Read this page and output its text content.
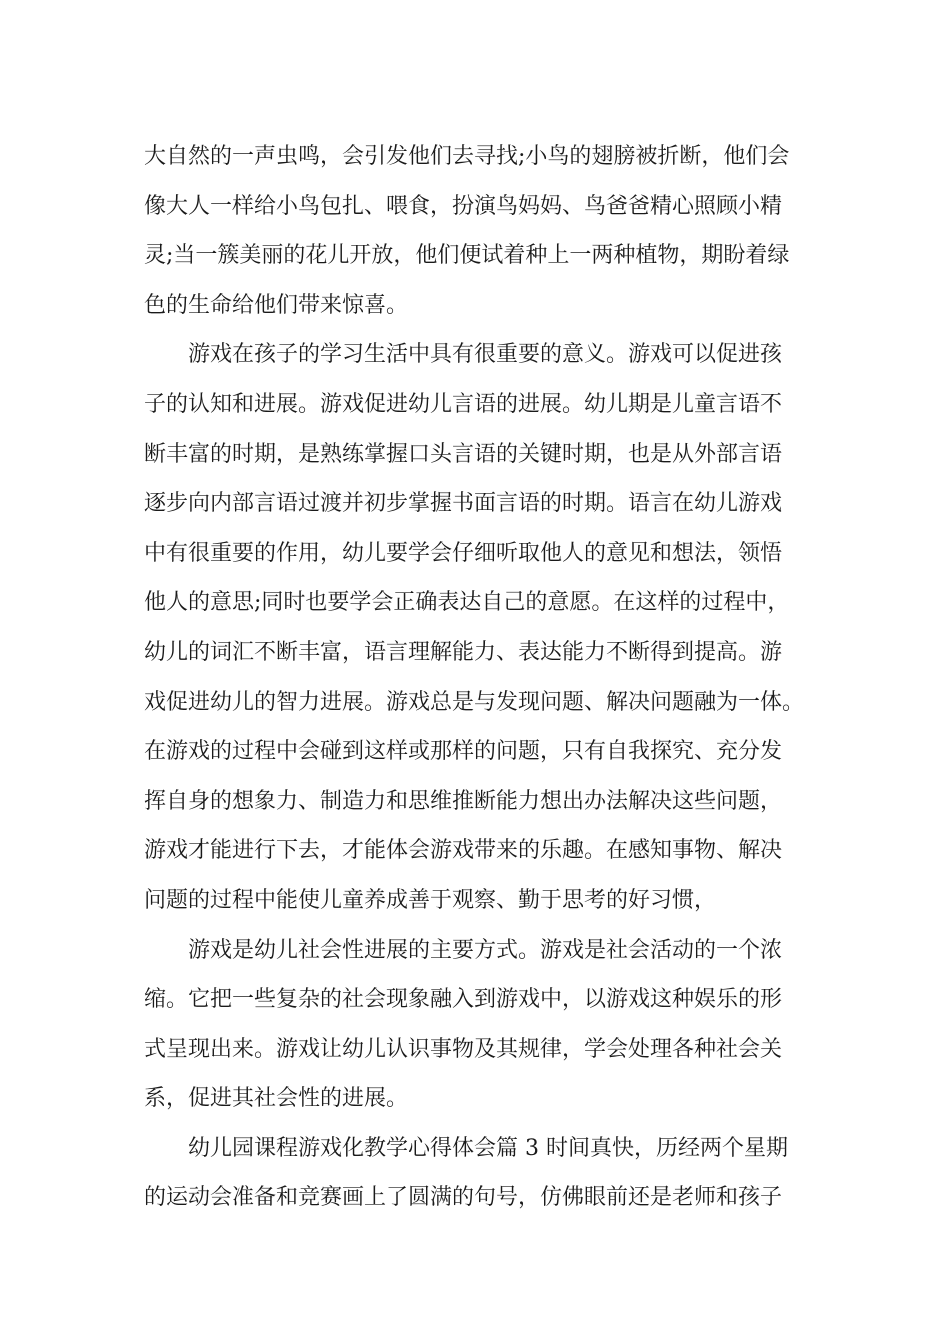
大自然的一声虫鸣，会引发他们去寻找;小鸟的翅膀被折断，他们会
像大人一样给小鸟包扎、喂食，扮演鸟妈妈、鸟爸爸精心照顾小精
灵;当一簇美丽的花儿开放，他们便试着种上一两种植物，期盼着绿
色的生命给他们带来惊喜。
游戏在孩子的学习生活中具有很重要的意义。游戏可以促进孩
子的认知和进展。游戏促进幼儿言语的进展。幼儿期是儿童言语不
断丰富的时期，是熟练掌握口头言语的关键时期，也是从外部言语
逐步向内部言语过渡并初步掌握书面言语的时期。语言在幼儿游戏
中有很重要的作用，幼儿要学会仔细听取他人的意见和想法，领悟
他人的意思;同时也要学会正确表达自己的意愿。在这样的过程中，
幼儿的词汇不断丰富，语言理解能力、表达能力不断得到提高。游
戏促进幼儿的智力进展。游戏总是与发现问题、解决问题融为一体。
在游戏的过程中会碰到这样或那样的问题，只有自我探究、充分发
挥自身的想象力、制造力和思维推断能力想出办法解决这些问题，
游戏才能进行下去，才能体会游戏带来的乐趣。在感知事物、解决
问题的过程中能使儿童养成善于观察、勤于思考的好习惯，
游戏是幼儿社会性进展的主要方式。游戏是社会活动的一个浓
缩。它把一些复杂的社会现象融入到游戏中，以游戏这种娱乐的形
式呈现出来。游戏让幼儿认识事物及其规律，学会处理各种社会关
系，促进其社会性的进展。
幼儿园课程游戏化教学心得体会篇 3 时间真快，历经两个星期
的运动会准备和竞赛画上了圆满的句号，仿佛眼前还是老师和孩子
